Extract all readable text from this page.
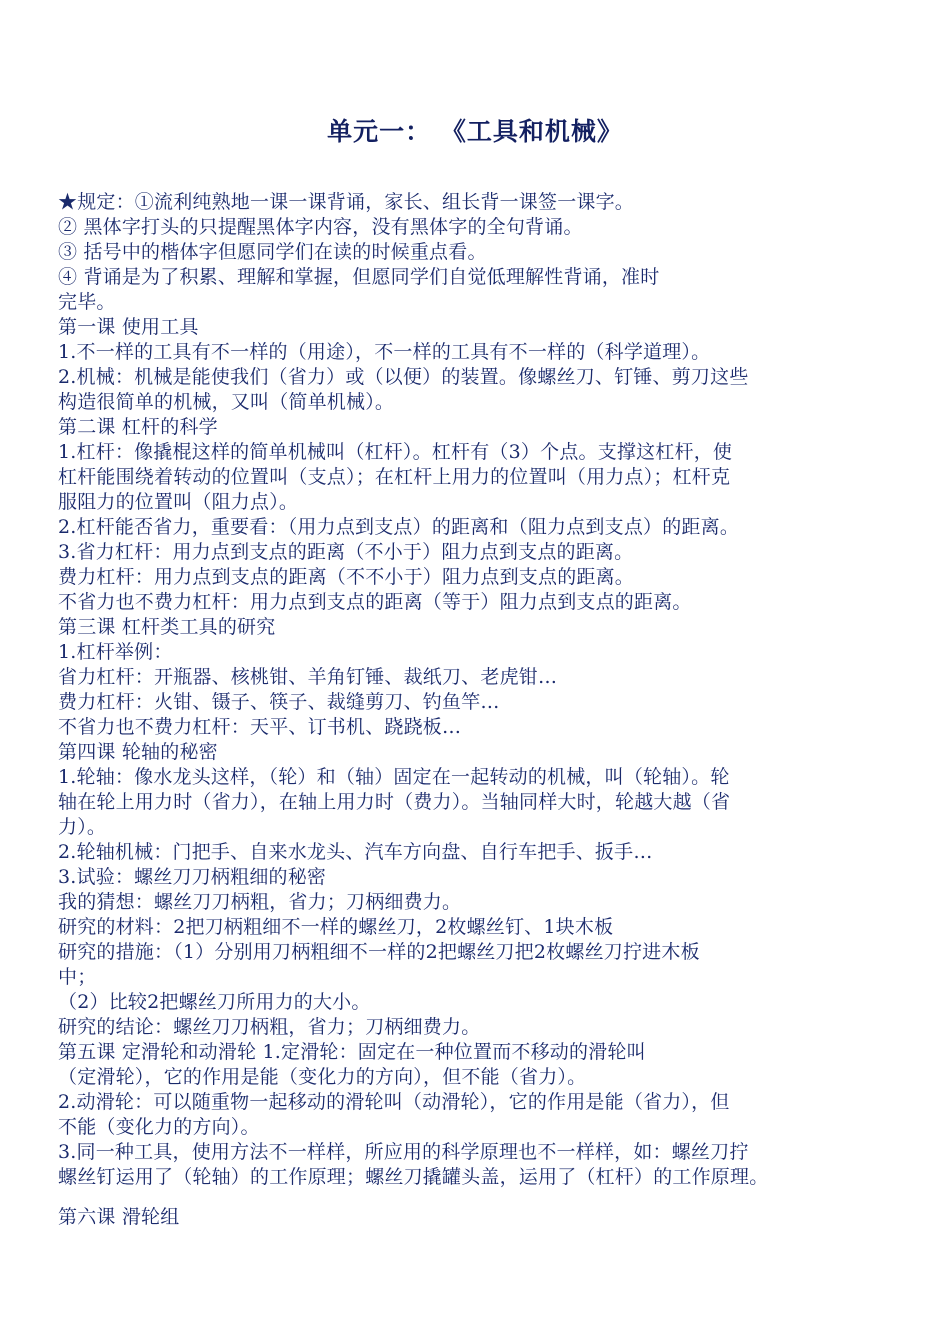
单元一： 《工具和机械》
★规定：①流利纯熟地一课一课背诵，家长、组长背一课签一课字。
② 黑体字打头的只提醒黑体字内容，没有黑体字的全句背诵。
③ 括号中的楷体字但愿同学们在读的时候重点看。
④ 背诵是为了积累、理解和掌握，但愿同学们自觉低理解性背诵，准时
完毕。
第一课 使用工具
1.不一样的工具有不一样的（用途），不一样的工具有不一样的（科学道理）。
2.机械：机械是能使我们（省力）或（以便）的装置。像螺丝刀、钉锤、剪刀这些
构造很简单的机械，又叫（简单机械）。
第二课 杠杆的科学
1.杠杆：像撬棍这样的简单机械叫（杠杆）。杠杆有（3）个点。支撑这杠杆，使
杠杆能围绕着转动的位置叫（支点）；在杠杆上用力的位置叫（用力点）；杠杆克
服阻力的位置叫（阻力点）。
2.杠杆能否省力，重要看：（用力点到支点）的距离和（阻力点到支点）的距离。
3.省力杠杆：用力点到支点的距离（不小于）阻力点到支点的距离。
费力杠杆：用力点到支点的距离（不不小于）阻力点到支点的距离。
不省力也不费力杠杆：用力点到支点的距离（等于）阻力点到支点的距离。
第三课 杠杆类工具的研究
1.杠杆举例：
省力杠杆：开瓶器、核桃钳、羊角钉锤、裁纸刀、老虎钳…
费力杠杆：火钳、镊子、筷子、裁缝剪刀、钓鱼竿…
不省力也不费力杠杆：天平、订书机、跷跷板…
第四课 轮轴的秘密
1.轮轴：像水龙头这样，（轮）和（轴）固定在一起转动的机械，叫（轮轴）。轮
轴在轮上用力时（省力），在轴上用力时（费力）。当轴同样大时，轮越大越（省
力）。
2.轮轴机械：门把手、自来水龙头、汽车方向盘、自行车把手、扳手…
3.试验：螺丝刀刀柄粗细的秘密
我的猜想：螺丝刀刀柄粗，省力；刀柄细费力。
研究的材料：2把刀柄粗细不一样的螺丝刀，2枚螺丝钉、1块木板
研究的措施：（1）分别用刀柄粗细不一样的2把螺丝刀把2枚螺丝刀拧进木板
中；
（2）比较2把螺丝刀所用力的大小。
研究的结论：螺丝刀刀柄粗，省力；刀柄细费力。
第五课 定滑轮和动滑轮 1.定滑轮：固定在一种位置而不移动的滑轮叫
（定滑轮），它的作用是能（变化力的方向），但不能（省力）。
2.动滑轮：可以随重物一起移动的滑轮叫（动滑轮），它的作用是能（省力），但
不能（变化力的方向）。
3.同一种工具，使用方法不一样样，所应用的科学原理也不一样样，如：螺丝刀拧
螺丝钉运用了（轮轴）的工作原理；螺丝刀撬罐头盖，运用了（杠杆）的工作原理。
第六课 滑轮组
